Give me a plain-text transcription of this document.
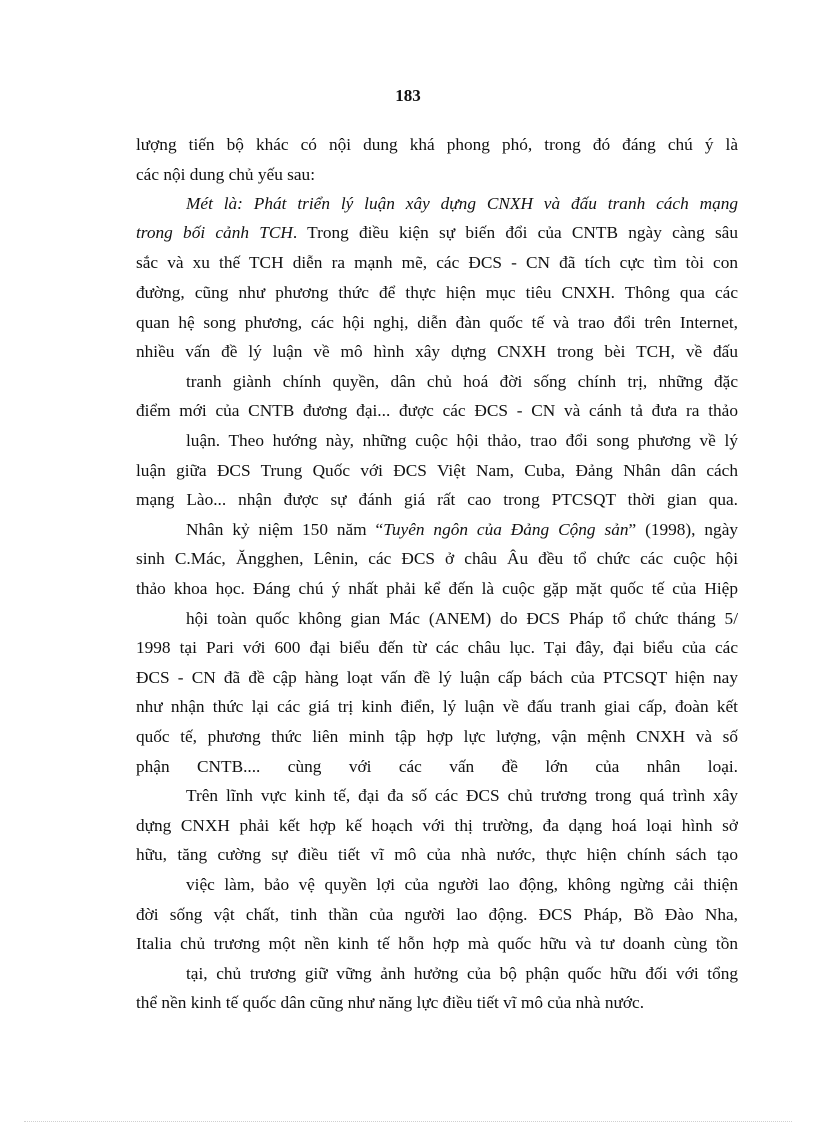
183
lượng tiến bộ khác có nội dung khá phong phó, trong đó đáng chú ý là
các nội dung chủ yếu sau:
Mét là: Phát triển lý luận xây dựng CNXH và đấu tranh cách mạng
trong bối cảnh TCH. Trong điều kiện sự biến đổi của CNTB ngày càng sâu
sắc và xu thế TCH diễn ra mạnh mẽ, các ĐCS - CN đã tích cực tìm tòi con
đường, cũng như phương thức để thực hiện mục tiêu CNXH. Thông qua các
quan hệ song phương, các hội nghị, diễn đàn quốc tế và trao đổi trên Internet,
nhiều vấn đề lý luận về mô hình xây dựng CNXH trong bèi TCH, về đấu
tranh giành chính quyền, dân chủ hoá đời sống chính trị, những đặc
điểm mới của CNTB đương đại... được các ĐCS - CN và cánh tả đưa ra thảo
luận. Theo hướng này, những cuộc hội thảo, trao đổi song phương về lý
luận giữa ĐCS Trung Quốc với ĐCS Việt Nam, Cuba, Đảng Nhân dân cách
mạng Lào... nhận được sự đánh giá rất cao trong PTCSQT thời gian qua.
Nhân kỷ niệm 150 năm “Tuyên ngôn của Đảng Cộng sản” (1998), ngày
sinh C.Mác, Ăngghen, Lênin, các ĐCS ở châu Âu đều tổ chức các cuộc hội
thảo khoa học. Đáng chú ý nhất phải kể đến là cuộc gặp mặt quốc tế của Hiệp
hội toàn quốc không gian Mác (ANEM) do ĐCS Pháp tổ chức tháng 5/
1998 tại Pari với 600 đại biểu đến từ các châu lục. Tại đây, đại biểu của các
ĐCS - CN đã đề cập hàng loạt vấn đề lý luận cấp bách của PTCSQT hiện nay
như nhận thức lại các giá trị kinh điển, lý luận về đấu tranh giai cấp, đoàn kết
quốc tế, phương thức liên minh tập hợp lực lượng, vận mệnh CNXH và số
phận CNTB.... cùng với các vấn đề lớn của nhân loại.
Trên lĩnh vực kinh tế, đại đa số các ĐCS chủ trương trong quá trình xây
dựng CNXH phải kết hợp kế hoạch với thị trường, đa dạng hoá loại hình sở
hữu, tăng cường sự điều tiết vĩ mô của nhà nước, thực hiện chính sách tạo
việc làm, bảo vệ quyền lợi của người lao động, không ngừng cải thiện
đời sống vật chất, tinh thần của người lao động. ĐCS Pháp, Bồ Đào Nha,
Italia chủ trương một nền kinh tế hỗn hợp mà quốc hữu và tư doanh cùng tồn
tại, chủ trương giữ vững ảnh hưởng của bộ phận quốc hữu đối với tổng
thể nền kinh tế quốc dân cũng như năng lực điều tiết vĩ mô của nhà nước.
